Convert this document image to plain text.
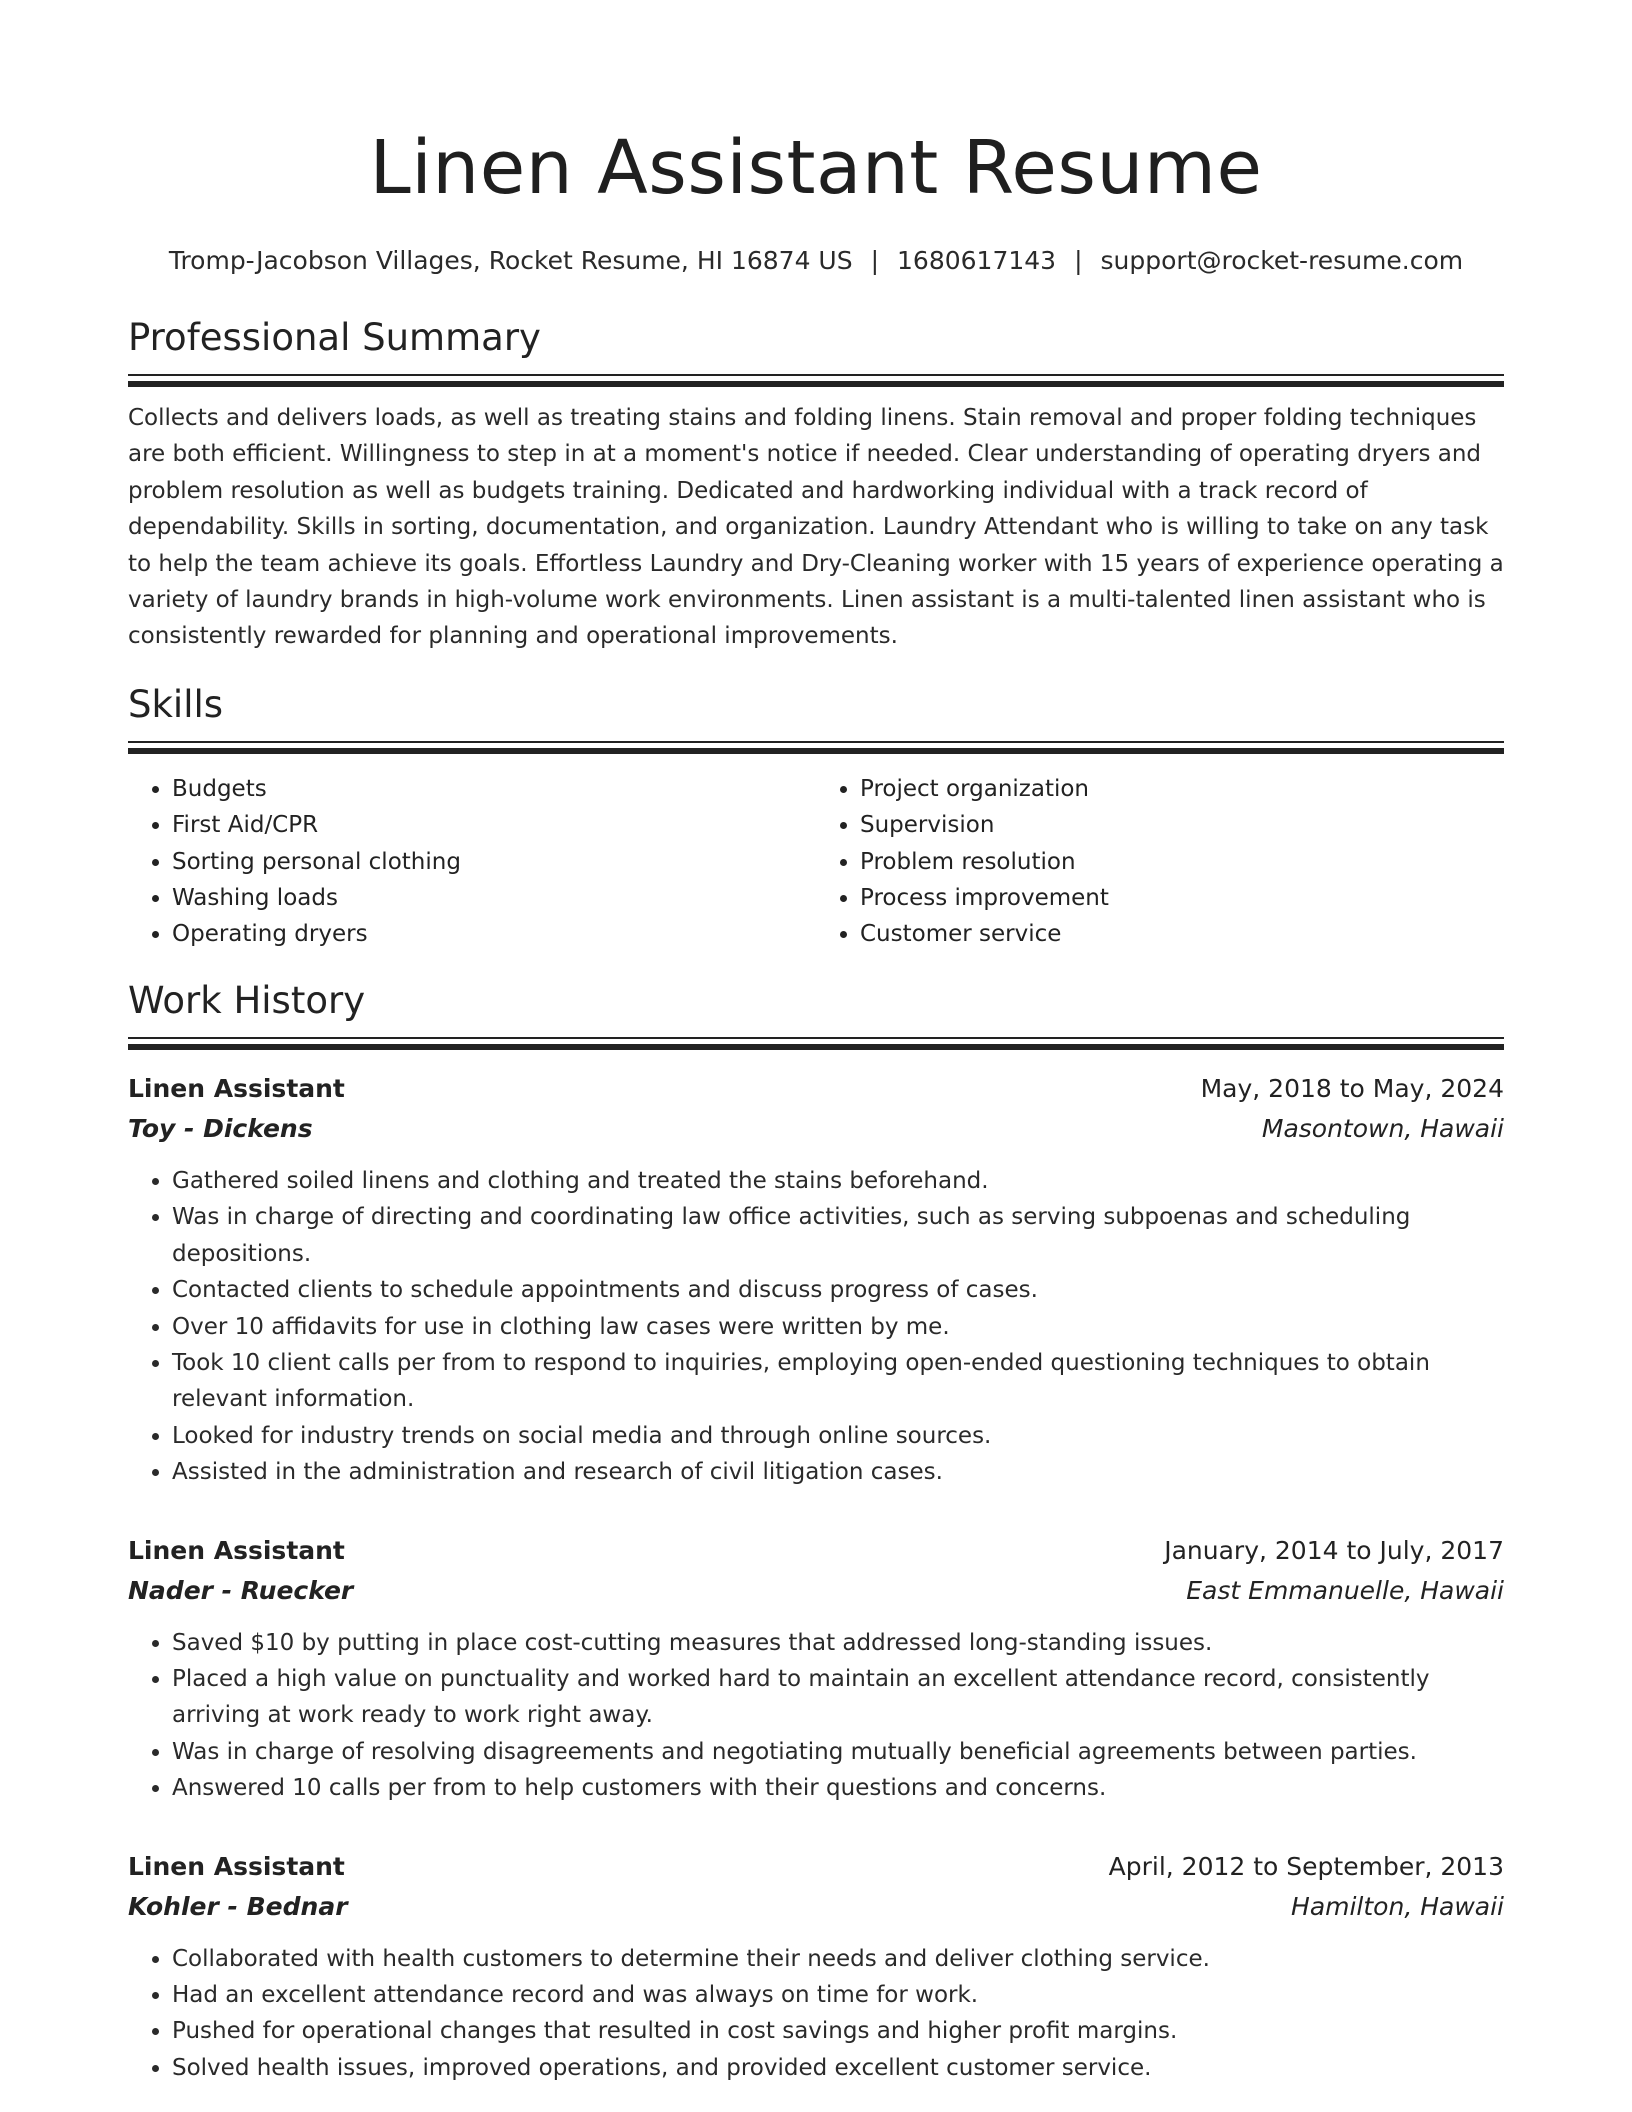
Linen Assistant Resume
Tromp-Jacobson Villages, Rocket Resume, HI 16874 US | 1680617143 | support@rocket-resume.com
Professional Summary

Collects and delivers loads, as well as treating stains and folding linens. Stain removal and proper folding techniques are both efficient. Willingness to step in at a moment's notice if needed. Clear understanding of operating dryers and problem resolution as well as budgets training. Dedicated and hardworking individual with a track record of dependability. Skills in sorting, documentation, and organization. Laundry Attendant who is willing to take on any task to help the team achieve its goals. Effortless Laundry and Dry-Cleaning worker with 15 years of experience operating a variety of laundry brands in high-volume work environments. Linen assistant is a multi-talented linen assistant who is consistently rewarded for planning and operational improvements.

Skills
• Budgets
• First Aid/CPR
• Sorting personal clothing
• Washing loads
• Operating dryers
• Project organization
• Supervision
• Problem resolution
• Process improvement
• Customer service
Work History
Linen Assistant	May, 2018 to May, 2024
Toy - Dickens	Masontown, Hawaii
• Gathered soiled linens and clothing and treated the stains beforehand.
• Was in charge of directing and coordinating law office activities, such as serving subpoenas and scheduling depositions.
• Contacted clients to schedule appointments and discuss progress of cases.
• Over 10 affidavits for use in clothing law cases were written by me.
• Took 10 client calls per from to respond to inquiries, employing open-ended questioning techniques to obtain relevant information.
• Looked for industry trends on social media and through online sources.
• Assisted in the administration and research of civil litigation cases.
Linen Assistant	January, 2014 to July, 2017
Nader - Ruecker	East Emmanuelle, Hawaii
• Saved $10 by putting in place cost-cutting measures that addressed long-standing issues.
• Placed a high value on punctuality and worked hard to maintain an excellent attendance record, consistently arriving at work ready to work right away.
• Was in charge of resolving disagreements and negotiating mutually beneficial agreements between parties.
• Answered 10 calls per from to help customers with their questions and concerns.
Linen Assistant	April, 2012 to September, 2013
Kohler - Bednar	Hamilton, Hawaii
• Collaborated with health customers to determine their needs and deliver clothing service.
• Had an excellent attendance record and was always on time for work.
• Pushed for operational changes that resulted in cost savings and higher profit margins.
• Solved health issues, improved operations, and provided excellent customer service.
